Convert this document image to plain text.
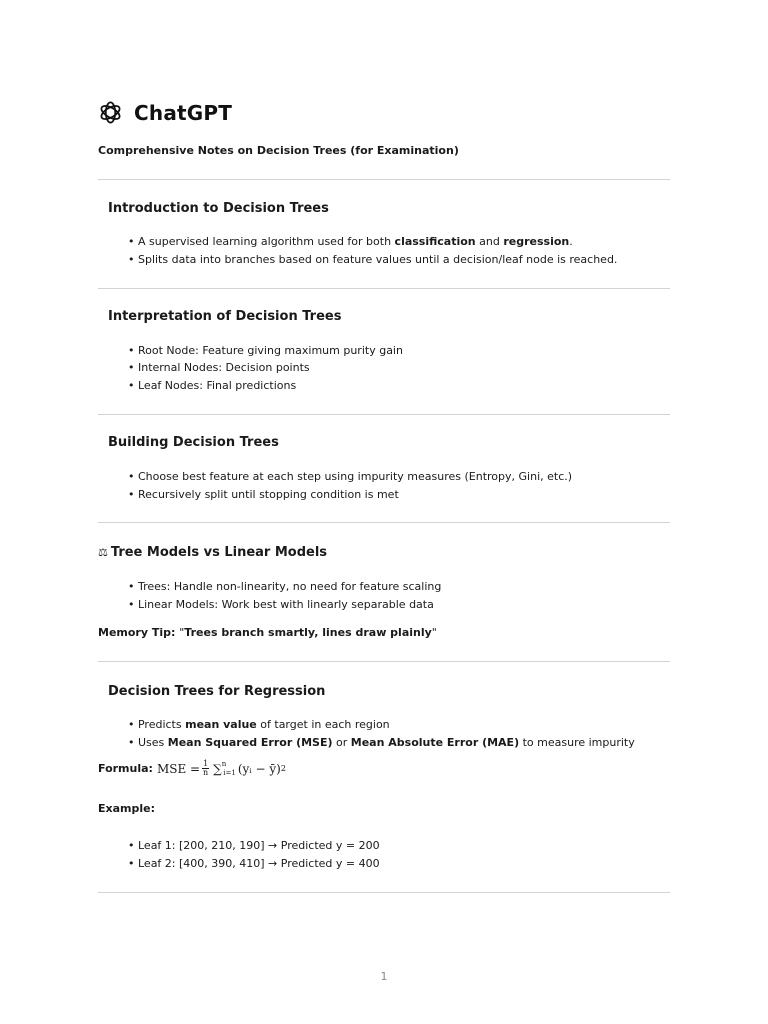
ChatGPT
Comprehensive Notes on Decision Trees (for Examination)
Introduction to Decision Trees
• A supervised learning algorithm used for both classification and regression.
• Splits data into branches based on feature values until a decision/leaf node is reached.
Interpretation of Decision Trees
• Root Node: Feature giving maximum purity gain
• Internal Nodes: Decision points
• Leaf Nodes: Final predictions
Building Decision Trees
• Choose best feature at each step using impurity measures (Entropy, Gini, etc.)
• Recursively split until stopping condition is met
⚖ Tree Models vs Linear Models
• Trees: Handle non-linearity, no need for feature scaling
• Linear Models: Work best with linearly separable data
Memory Tip: "Trees branch smartly, lines draw plainly"
Decision Trees for Regression
• Predicts mean value of target in each region
• Uses Mean Squared Error (MSE) or Mean Absolute Error (MAE) to measure impurity
Formula: MSE = $\frac{1}{n}$ ∑ n
i=1 (yᵢ − ȳ) 2
Example:
• Leaf 1: [200, 210, 190] → Predicted y = 200
• Leaf 2: [400, 390, 410] → Predicted y = 400
1
